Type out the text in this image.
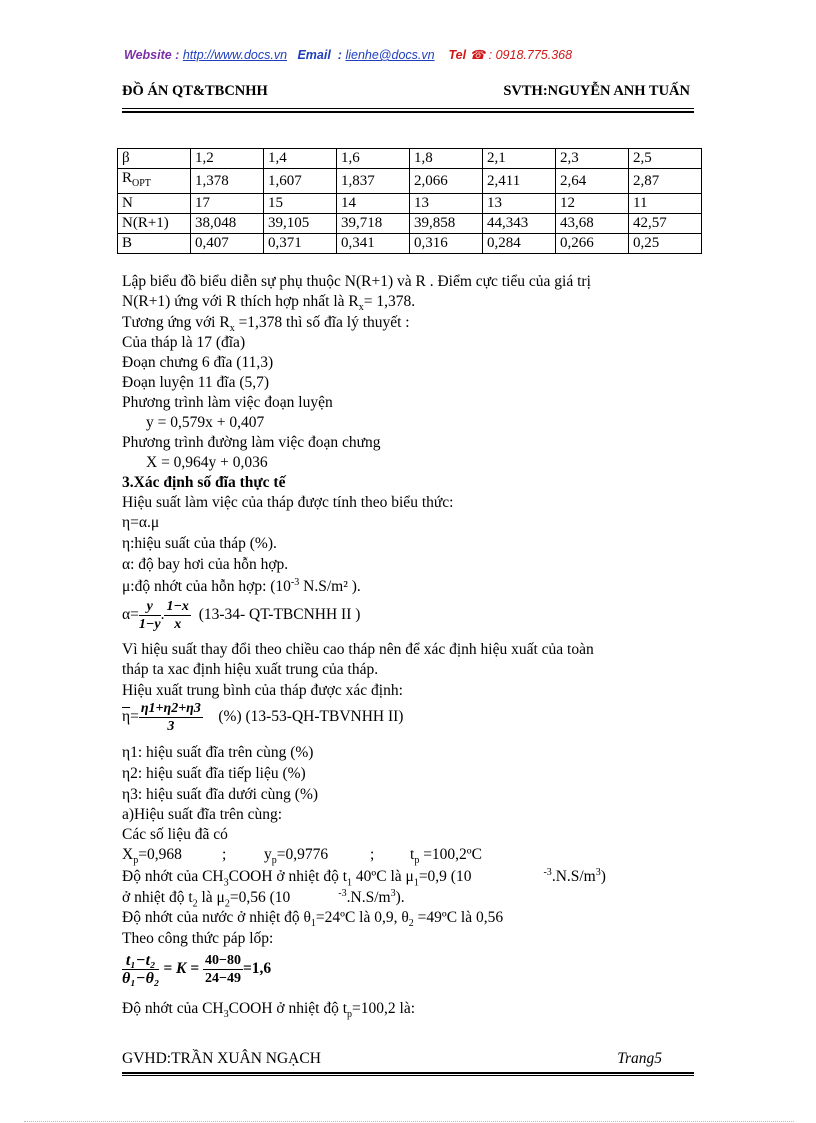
Website : http://www.docs.vn Email : lienhe@docs.vn Tel ☎ : 0918.775.368
ĐỒ ÁN QT&TBCNHH	SVTH:NGUYỄN ANH TUẤN
β	1,2	1,4	1,6	1,8	2,1	2,3	2,5
$R_{OPT}$	1,378	1,607	1,837	2,066	2,411	2,64	2,87
N	17	15	14	13	13	12	11
N(R+1)	38,048	39,105	39,718	39,858	44,343	43,68	42,57
B	0,407	0,371	0,341	0,316	0,284	0,266	0,25
Lập biểu đồ biểu diễn sự phụ thuộc N(R+1) và R . Điểm cực tiểu của giá trị
N(R+1) ứng với R thích hợp nhất là $R_x= 1,378$.
Tương ứng với $R_x =1,378$ thì số đĩa lý thuyết :
Của tháp là 17 (đĩa)
Đoạn chưng 6 đĩa (11,3)
Đoạn luyện 11 đĩa (5,7)
Phương trình làm việc đoạn luyện
y = 0,579x + 0,407
Phương trình đường làm việc đoạn chưng
X = 0,964y + 0,036
3.Xác định số đĩa thực tế
Hiệu suất làm việc của tháp được tính theo biểu thức:
η=α.μ
η:hiệu suất của tháp (%).
α: độ bay hơi của hỗn hợp.
μ:độ nhớt của hỗn hợp: ($10^{-3}$ N.S/m² ).
$\alpha= \frac{y}{1-y}$ . $\frac{1-x}{x} (13-34-$ QT-TBCNHH II )
Vì hiệu suất thay đổi theo chiều cao tháp nên để xác định hiệu xuất của toàn
tháp ta xac định hiệu xuất trung của tháp.
Hiệu xuất trung bình của tháp được xác định:
$\overline{\eta}= \frac{\eta 1+\eta 2+\eta 3}{3}$ (%) (13-53-QH-TBVNHH II)
η1: hiệu suất đĩa trên cùng (%)
η2: hiệu suất đĩa tiếp liệu (%)
η3: hiệu suất đĩa dưới cùng (%)
a)Hiệu suất đĩa trên cùng:
Các số liệu đã có
$X_p=0,968$	; $y_p=0,9776$	; $t_p$ =100,2ºC
Độ nhớt của $CH_3COOH$ ở nhiệt độ $t_1$ 40ºC là $\mu_1=0,9$ (10	$^{-3}.N.S/m^3$)
ở nhiệt độ $t_2$ là $\mu_2=0,56$ (10	$^{-3}.N.S/m^3$).
Độ nhớt của nước ở nhiệt độ $\theta_1=24ºC$ là 0,9, $\theta_2$ =49ºC là 0,56
Theo công thức páp lốp:
$\frac{\text{t₁−t₂}}{\text{θ₁−θ₂}} = K = \frac{40-80}{24-49} =1,6$
Độ nhớt của $CH_3COOH$ ở nhiệt độ $t_p=100,2$ là:
GVHD:TRẦN XUÂN NGẠCH	Trang5
